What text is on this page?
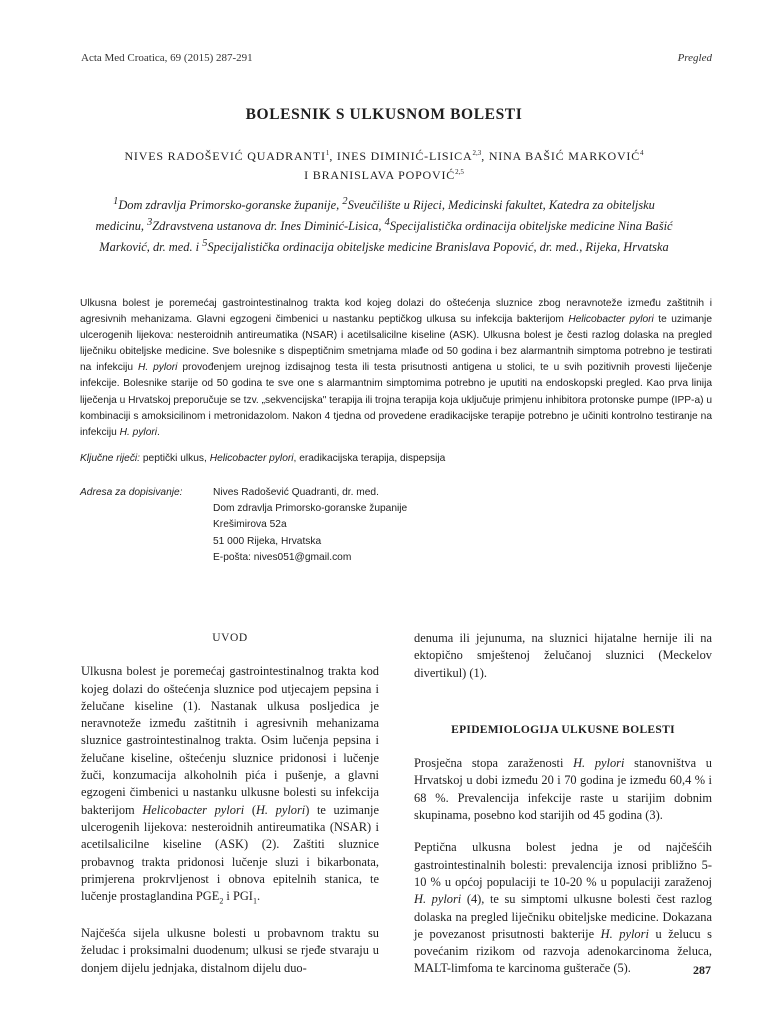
Acta Med Croatica, 69 (2015) 287-291	Pregled
BOLESNIK S ULKUSNOM BOLESTI
NIVES RADOŠEVIĆ QUADRANTI$^1$, INES DIMINIĆ-LISICA$^{2,3}$, NINA BAŠIĆ MARKOVIĆ$^4$
I BRANISLAVA POPOVIĆ$^{2,5}$
$^1$Dom zdravlja Primorsko-goranske županije, $^2$Sveučilište u Rijeci, Medicinski fakultet, Katedra za obiteljsku medicinu, $^3$Zdravstvena ustanova dr. Ines Diminić-Lisica, $^4$Specijalistička ordinacija obiteljske medicine Nina Bašić Marković, dr. med. i $^5$Specijalistička ordinacija obiteljske medicine Branislava Popović, dr. med., Rijeka, Hrvatska

Ulkusna bolest je poremećaj gastrointestinalnog trakta kod kojeg dolazi do oštećenja sluznice zbog neravnoteže između zaštitnih i agresivnih mehanizama. Glavni egzogeni čimbenici u nastanku peptičkog ulkusa su infekcija bakterijom Helicobacter pylori te uzimanje ulcerogenih lijekova: nesteroidnih antireumatika (NSAR) i acetilsalicilne kiseline (ASK). Ulkusna bolest je česti razlog dolaska na pregled liječniku obiteljske medicine. Sve bolesnike s dispeptičnim smetnjama mlađe od 50 godina i bez alarmantnih simptoma potrebno je testirati na infekciju H. pylori provođenjem urejnog izdisajnog testa ili testa prisutnosti antigena u stolici, te u svih pozitivnih provesti liječenje infekcije. Bolesnike starije od 50 godina te sve one s alarmantnim simptomima potrebno je uputiti na endoskopski pregled. Kao prva linija liječenja u Hrvatskoj preporučuje se tzv. „sekvencijska" terapija ili trojna terapija koja uključuje primjenu inhibitora protonske pumpe (IPP-a) u kombinaciji s amoksicilinom i metronidazolom. Nakon 4 tjedna od provedene eradikacijske terapije potrebno je učiniti kontrolno testiranje na infekciju H. pylori.

Ključne riječi: peptički ulkus, Helicobacter pylori, eradikacijska terapija, dispepsija
Adresa za dopisivanje:	Nives Radošević Quadranti, dr. med.
Dom zdravlja Primorsko-goranske županije
Krešimirova 52a
51 000 Rijeka, Hrvatska
E-pošta: nives051@gmail.com
UVOD

Ulkusna bolest je poremećaj gastrointestinalnog trakta kod kojeg dolazi do oštećenja sluznice pod utjecajem pepsina i želučane kiseline (1). Nastanak ulkusa posljedica je neravnoteže između zaštitnih i agresivnih mehanizama sluznice gastrointestinalnog trakta. Osim lučenja pepsina i želučane kiseline, oštećenju sluznice pridonosi i lučenje žuči, konzumacija alkoholnih pića i pušenje, a glavni egzogeni čimbenici u nastanku ulkusne bolesti su infekcija bakterijom Helicobacter pylori (H. pylori) te uzimanje ulcerogenih lijekova: nesteroidnih antireumatika (NSAR) i acetilsalicilne kiseline (ASK) (2). Zaštiti sluznice probavnog trakta pridonosi lučenje sluzi i bikarbonata, primjerena prokrvljenost i obnova epitelnih stanica, te lučenje prostaglandina $PGE_2$ i $PGI_1$.

Najčešća sijela ulkusne bolesti u probavnom traktu su želudac i proksimalni duodenum; ulkusi se rjeđe stvaraju u donjem dijelu jednjaka, distalnom dijelu duo-

denuma ili jejunuma, na sluznici hijatalne hernije ili na ektopično smještenoj želučanoj sluznici (Meckelov divertikul) (1).

EPIDEMIOLOGIJA ULKUSNE BOLESTI

Prosječna stopa zaraženosti H. pylori stanovništva u Hrvatskoj u dobi između 20 i 70 godina je između 60,4 % i 68 %. Prevalencija infekcije raste u starijim dobnim skupinama, posebno kod starijih od 45 godina (3).

Peptična ulkusna bolest jedna je od najčešćih gastrointestinalnih bolesti: prevalencija iznosi približno 5-10 % u općoj populaciji te 10-20 % u populaciji zaraženoj H. pylori (4), te su simptomi ulkusne bolesti čest razlog dolaska na pregled liječniku obiteljske medicine. Dokazana je povezanost prisutnosti bakterije H. pylori u želucu s povećanim rizikom od razvoja adenokarcinoma želuca, MALT-limfoma te karcinoma gušterače (5).	287
